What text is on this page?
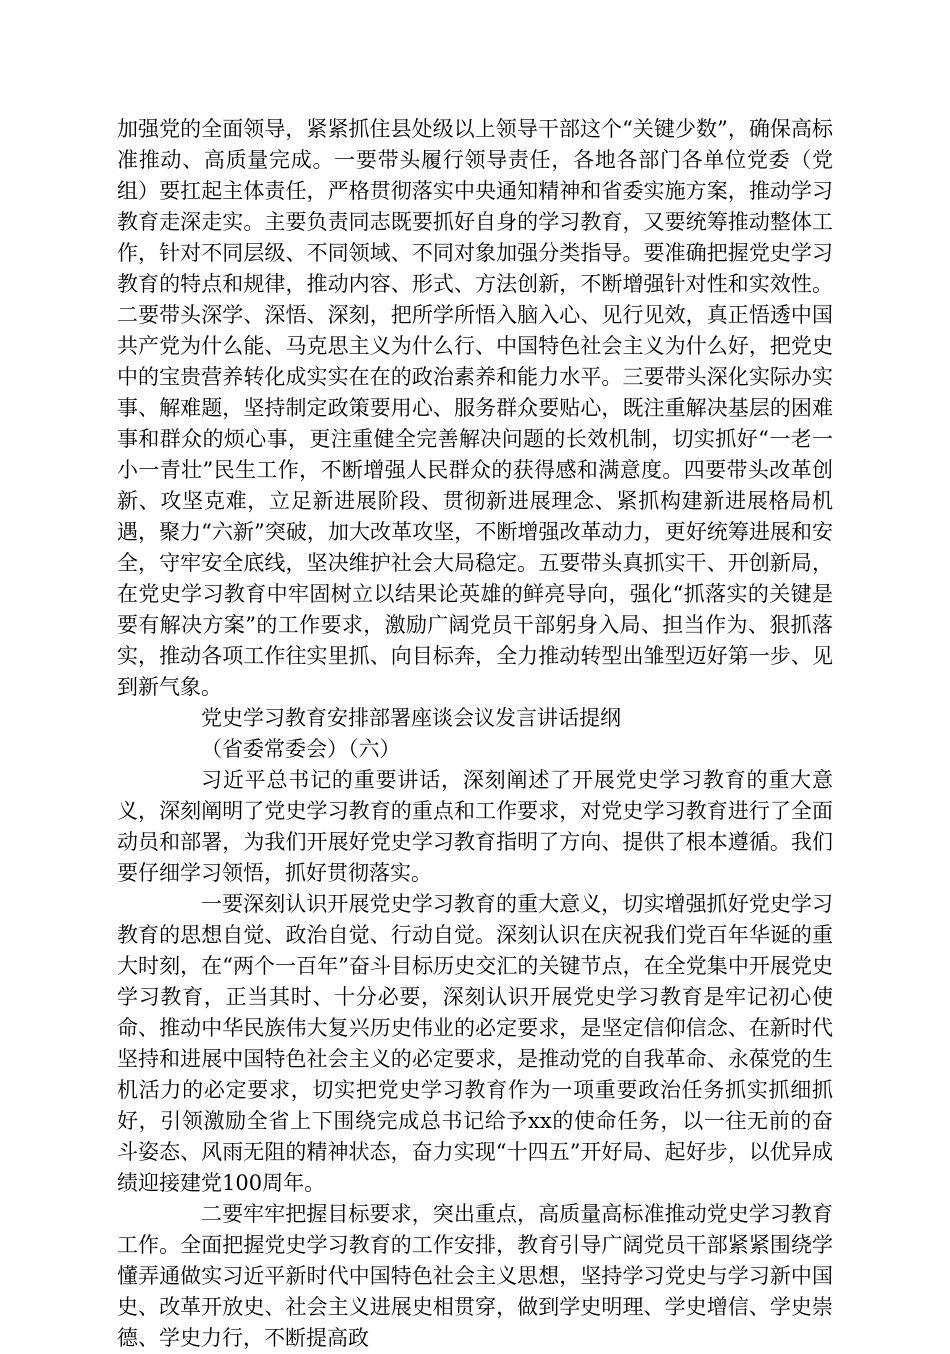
加强党的全面领导，紧紧抓住县处级以上领导干部这个“关键少数”，确保高标准推动、高质量完成。一要带头履行领导责任，各地各部门各单位党委（党组）要扛起主体责任，严格贯彻落实中央通知精神和省委实施方案，推动学习教育走深走实。主要负责同志既要抓好自身的学习教育，又要统筹推动整体工作，针对不同层级、不同领域、不同对象加强分类指导。要准确把握党史学习教育的特点和规律，推动内容、形式、方法创新，不断增强针对性和实效性。二要带头深学、深悟、深刻，把所学所悟入脑入心、见行见效，真正悟透中国共产党为什么能、马克思主义为什么行、中国特色社会主义为什么好，把党史中的宝贵营养转化成实实在在的政治素养和能力水平。三要带头深化实际办实事、解难题，坚持制定政策要用心、服务群众要贴心，既注重解决基层的困难事和群众的烦心事，更注重健全完善解决问题的长效机制，切实抓好“一老一小一青壮”民生工作，不断增强人民群众的获得感和满意度。四要带头改革创新、攻坚克难，立足新进展阶段、贯彻新进展理念、紧抓构建新进展格局机遇，聚力“六新”突破，加大改革攻坚，不断增强改革动力，更好统筹进展和安全，守牢安全底线，坚决维护社会大局稳定。五要带头真抓实干、开创新局，在党史学习教育中牢固树立以结果论英雄的鲜亮导向，强化“抓落实的关键是要有解决方案”的工作要求，激励广阔党员干部躬身入局、担当作为、狠抓落实，推动各项工作往实里抓、向目标奔，全力推动转型出雏型迈好第一步、见到新气象。

党史学习教育安排部署座谈会议发言讲话提纲

（省委常委会）（六）

习近平总书记的重要讲话，深刻阐述了开展党史学习教育的重大意义，深刻阐明了党史学习教育的重点和工作要求，对党史学习教育进行了全面动员和部署，为我们开展好党史学习教育指明了方向、提供了根本遵循。我们要仔细学习领悟，抓好贯彻落实。

一要深刻认识开展党史学习教育的重大意义，切实增强抓好党史学习教育的思想自觉、政治自觉、行动自觉。深刻认识在庆祝我们党百年华诞的重大时刻，在“两个一百年”奋斗目标历史交汇的关键节点，在全党集中开展党史学习教育，正当其时、十分必要，深刻认识开展党史学习教育是牢记初心使命、推动中华民族伟大复兴历史伟业的必定要求，是坚定信仰信念、在新时代坚持和进展中国特色社会主义的必定要求，是推动党的自我革命、永葆党的生机活力的必定要求，切实把党史学习教育作为一项重要政治任务抓实抓细抓好，引领激励全省上下围绕完成总书记给予xx的使命任务，以一往无前的奋斗姿态、风雨无阻的精神状态，奋力实现“十四五”开好局、起好步，以优异成绩迎接建党100周年。

二要牢牢把握目标要求，突出重点，高质量高标准推动党史学习教育工作。全面把握党史学习教育的工作安排，教育引导广阔党员干部紧紧围绕学懂弄通做实习近平新时代中国特色社会主义思想，坚持学习党史与学习新中国史、改革开放史、社会主义进展史相贯穿，做到学史明理、学史增信、学史崇德、学史力行，不断提高政
